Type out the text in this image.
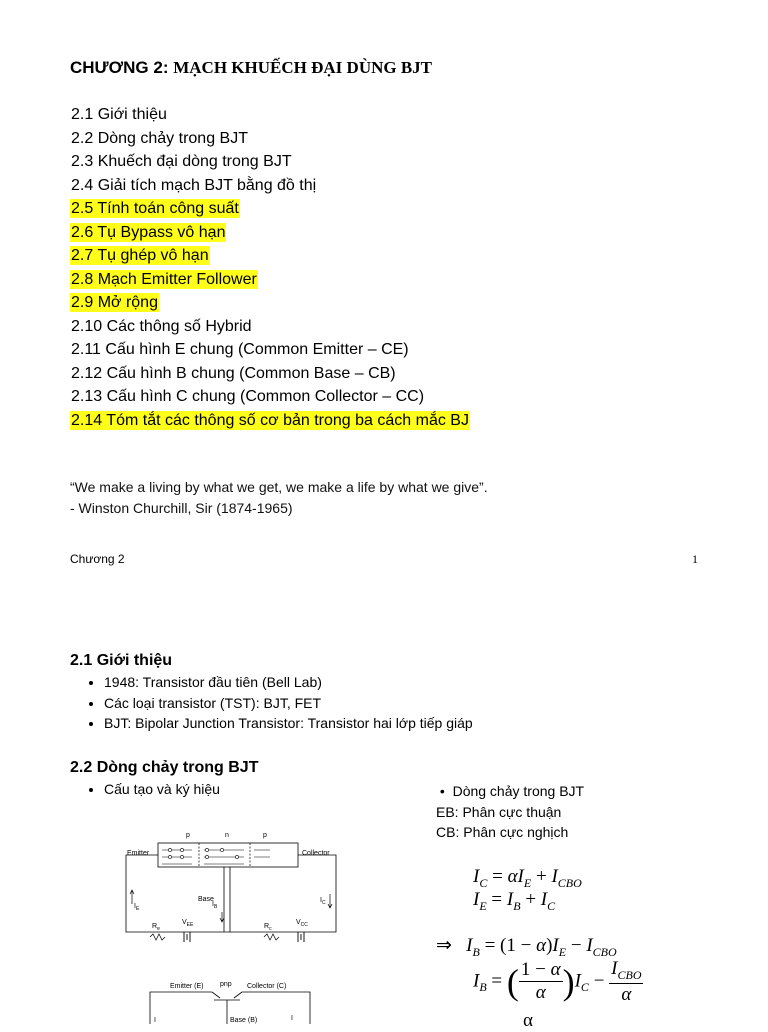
CHƯƠNG 2: MẠCH KHUẾCH ĐẠI DÙNG BJT
2.1 Giới thiệu
2.2 Dòng chảy trong BJT
2.3 Khuếch đại dòng trong BJT
2.4 Giải tích mạch BJT bằng đồ thị
2.5 Tính toán công suất
2.6 Tụ Bypass vô hạn
2.7 Tụ ghép vô hạn
2.8 Mạch Emitter Follower
2.9 Mở rộng
2.10 Các thông số Hybrid
2.11 Cấu hình E chung (Common Emitter – CE)
2.12 Cấu hình B chung (Common Base – CB)
2.13 Cấu hình C chung (Common Collector – CC)
2.14 Tóm tắt các thông số cơ bản trong ba cách mắc BJ
“We make a living by what we get, we make a life by what we give”.
- Winston Churchill, Sir (1874-1965)
Chương 2	1
2.1 Giới thiệu
• 1948: Transistor đầu tiên (Bell Lab)
• Các loại transistor (TST): BJT, FET
• BJT: Bipolar Junction Transistor: Transistor hai lớp tiếp giáp
2.2 Dòng chảy trong BJT
• Cấu tạo và ký hiệu	•  Dòng chảy trong BJT
EB: Phân cực thuận
CB: Phân cực nghịch
$I_C = \alpha I_E + I_{CBO}$
$I_E = I_B + I_C$
⇒   $I_B = (1 - \alpha)I_E - I_{CBO}$
$I_B$ = ( $\frac{1 - \alpha}{\alpha} )I_C - \frac{I_{CBO}}{\alpha}$
α
p	n	p
Emitter	Collector
Base
$I_E$
$I_C$
$I_B$
$R_e$
$V_{EE}$	$R_c$
$V_{CC}$
Emitter (E) pnp Collector (C)
Base (B)
I	I
